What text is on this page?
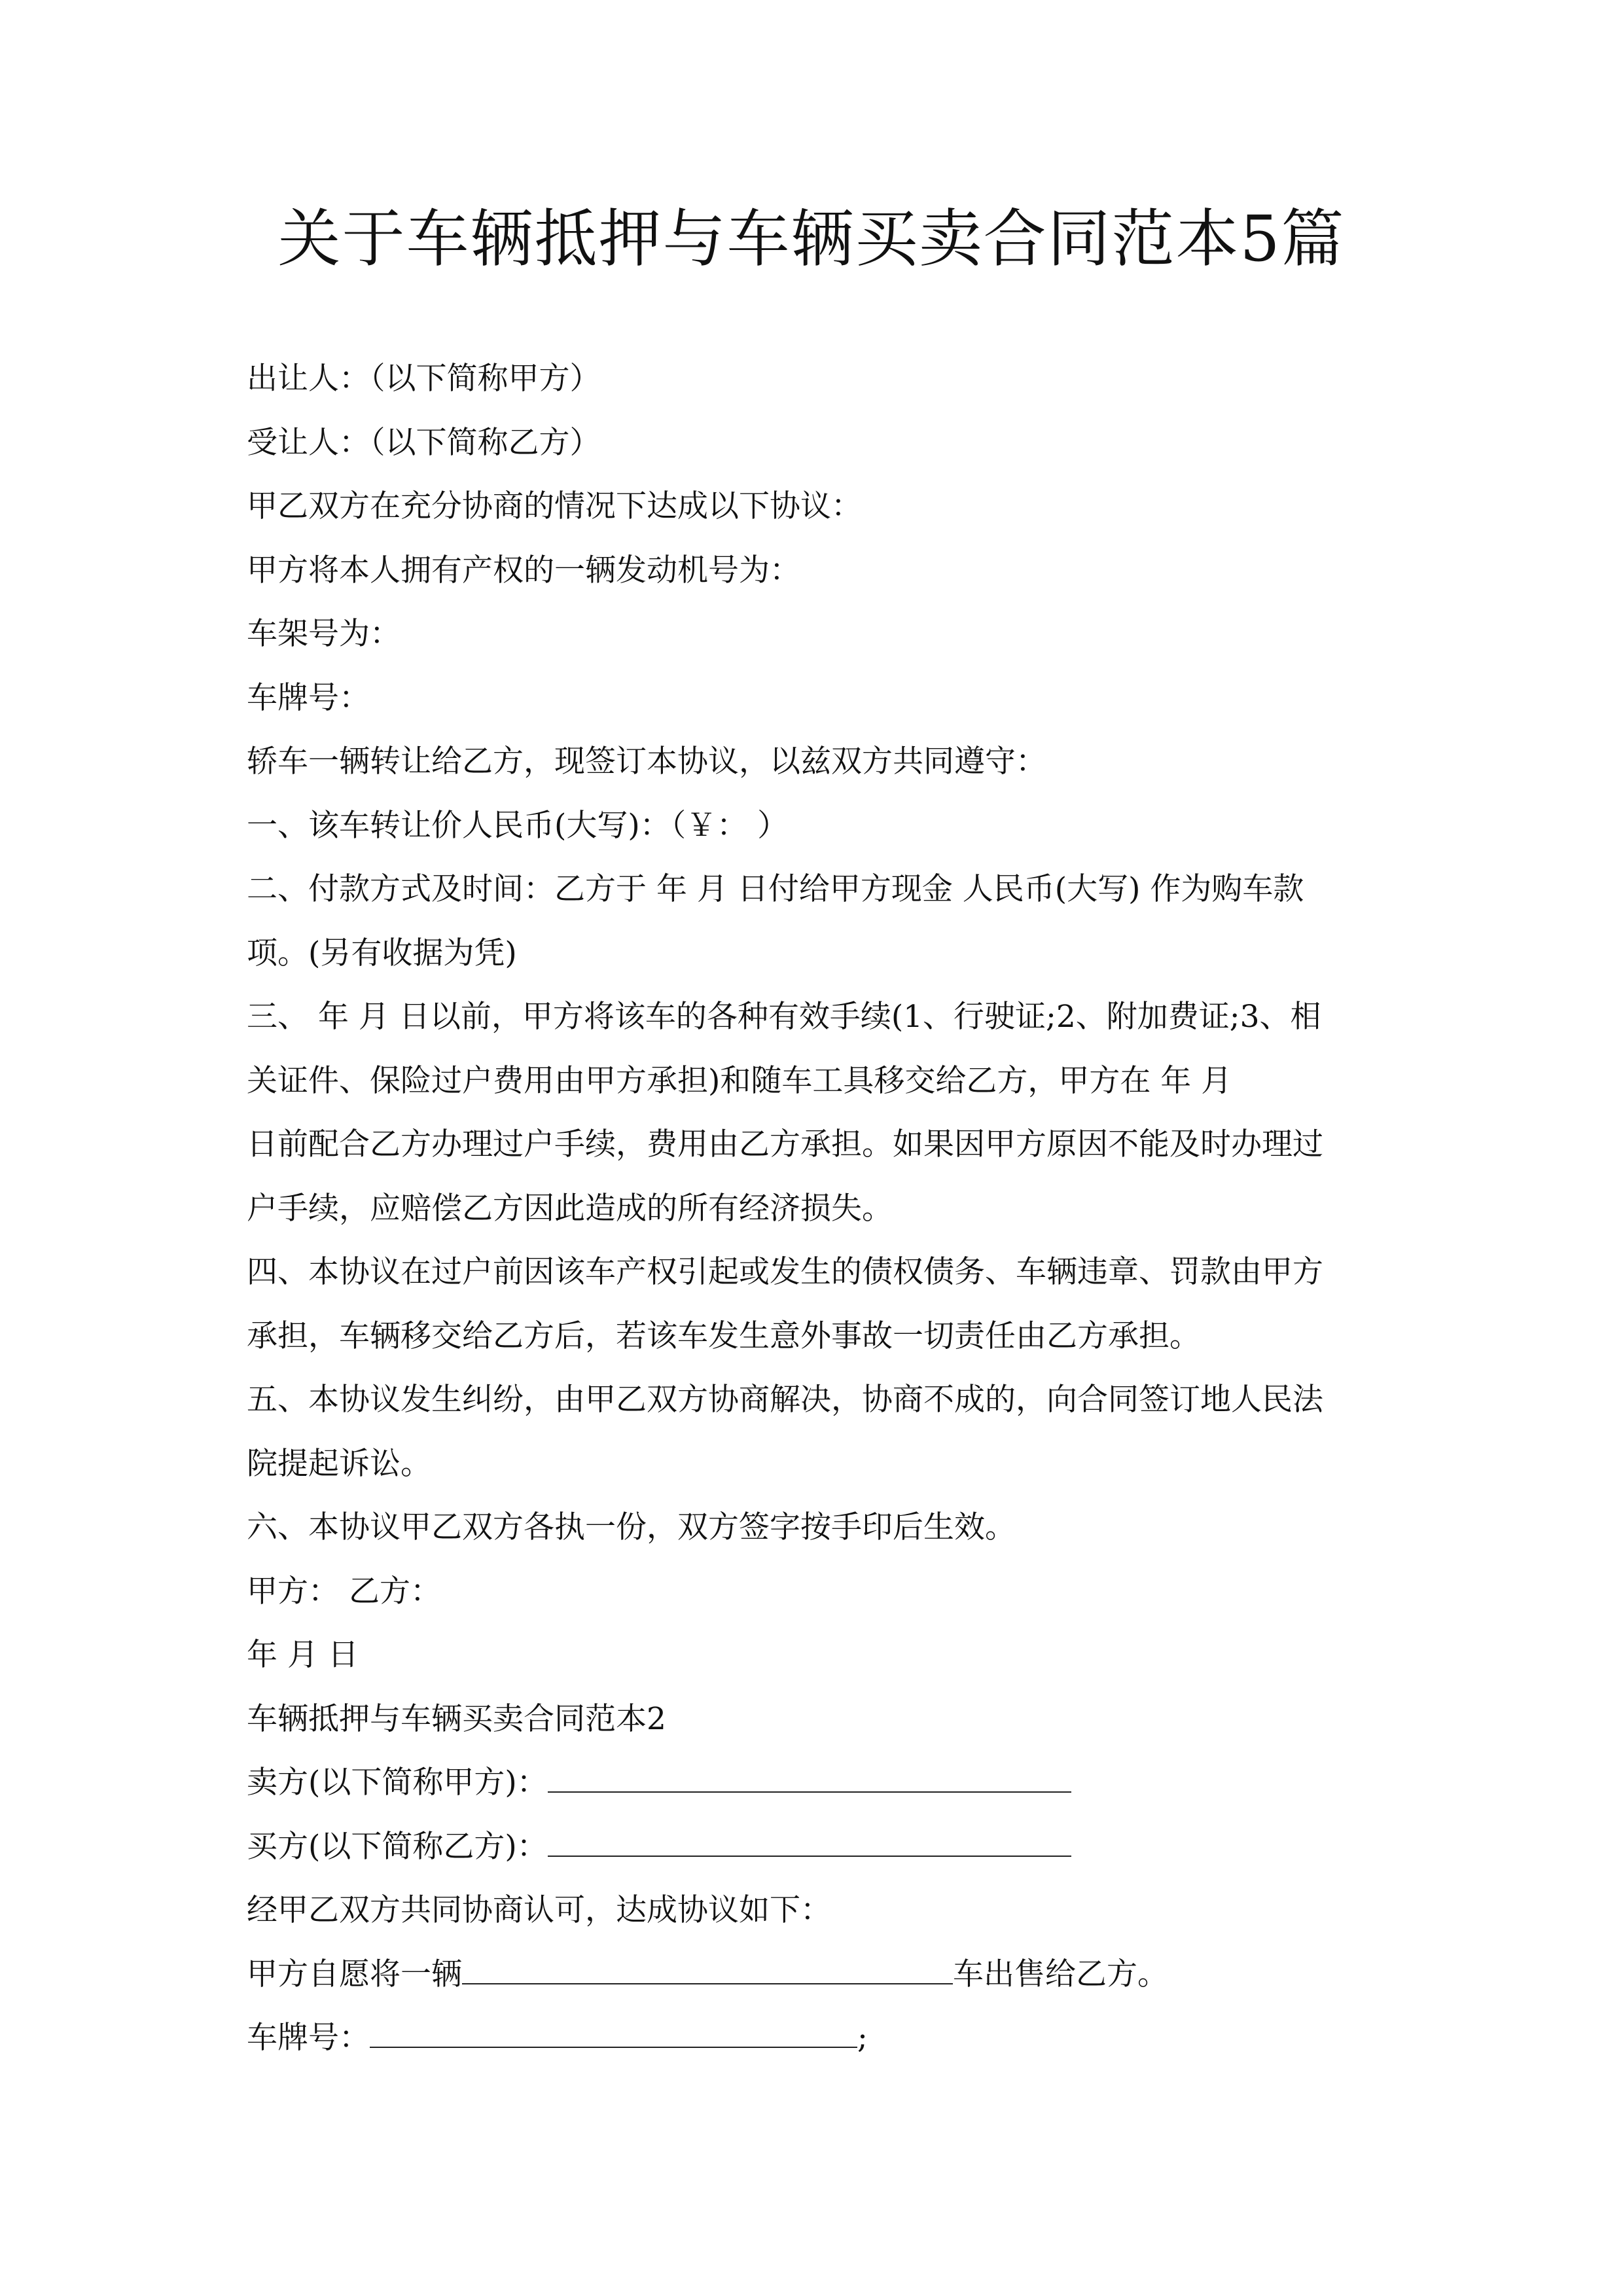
关于车辆抵押与车辆买卖合同范本5篇
出让人：（以下简称甲方）
受让人：（以下简称乙方）
甲乙双方在充分协商的情况下达成以下协议：
甲方将本人拥有产权的一辆发动机号为：
车架号为：
车牌号：
轿车一辆转让给乙方，现签订本协议，以兹双方共同遵守：
一、该车转让价人民币(大写)：（￥： ）
二、付款方式及时间：乙方于 年 月 日付给甲方现金 人民币(大写) 作为购车款
项。(另有收据为凭)
三、 年 月 日以前，甲方将该车的各种有效手续(1、行驶证;2、附加费证;3、相
关证件、保险过户费用由甲方承担)和随车工具移交给乙方，甲方在 年 月
日前配合乙方办理过户手续，费用由乙方承担。如果因甲方原因不能及时办理过
户手续，应赔偿乙方因此造成的所有经济损失。
四、本协议在过户前因该车产权引起或发生的债权债务、车辆违章、罚款由甲方
承担，车辆移交给乙方后，若该车发生意外事故一切责任由乙方承担。
五、本协议发生纠纷，由甲乙双方协商解决，协商不成的，向合同签订地人民法
院提起诉讼。
六、本协议甲乙双方各执一份，双方签字按手印后生效。
甲方： 乙方：
年 月 日
车辆抵押与车辆买卖合同范本2
卖方(以下简称甲方)：
买方(以下简称乙方)：
经甲乙双方共同协商认可，达成协议如下：
甲方自愿将一辆	车出售给乙方。
车牌号：	;
